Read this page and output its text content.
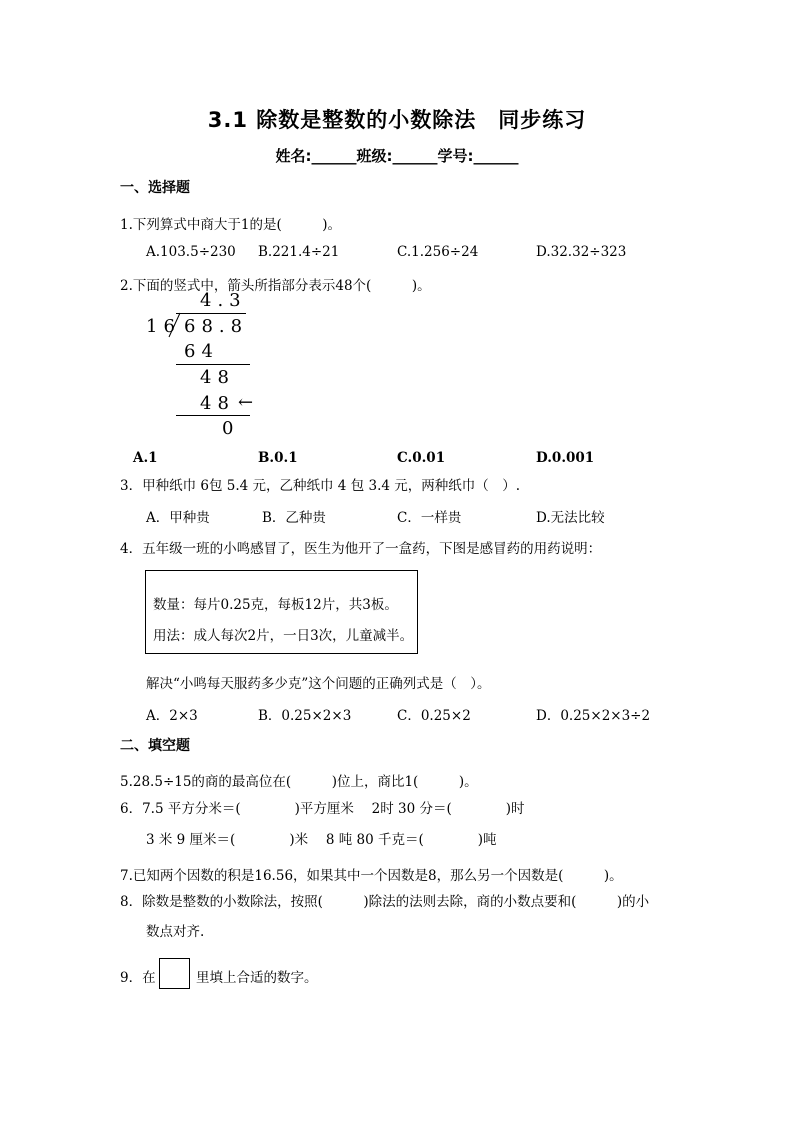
3.1 除数是整数的小数除法　同步练习
姓名:______班级:______学号:______
一、选择题
1.下列算式中商大于1的是(　　　)。
A.103.5÷230 B.221.4÷21	C.1.256÷24	D.32.32÷323
2.下面的竖式中，箭头所指部分表示48个(　　　)。
4.3
16 68.8
64
48
48 ←
0
A.1	B.0.1	C.0.01	D.0.001
3．甲种纸巾 6包 5.4 元，乙种纸巾 4 包 3.4 元，两种纸巾（　）.
A．甲种贵	B．乙种贵	C．一样贵	D.无法比较
4．五年级一班的小鸣感冒了，医生为他开了一盒药，下图是感冒药的用药说明：
数量：每片0.25克，每板12片，共3板。
用法：成人每次2片，一日3次，儿童减半。
解决“小鸣每天服药多少克”这个问题的正确列式是（　）。
A．2×3	B．0.25×2×3	C．0.25×2	D．0.25×2×3÷2
二、填空题
5.28.5÷15的商的最高位在(　　　)位上，商比1(　　　)。
6．7.5 平方分米＝(　　　　)平方厘米　 2时 30 分＝(　　　　)时
3 米 9 厘米＝(　　　　)米　 8 吨 80 千克＝(　　　　)吨
7.已知两个因数的积是16.56，如果其中一个因数是8，那么另一个因数是(　　　)。
8．除数是整数的小数除法，按照(　　　)除法的法则去除，商的小数点要和(　　　)的小
数点对齐.
9．在	里填上合适的数字。
